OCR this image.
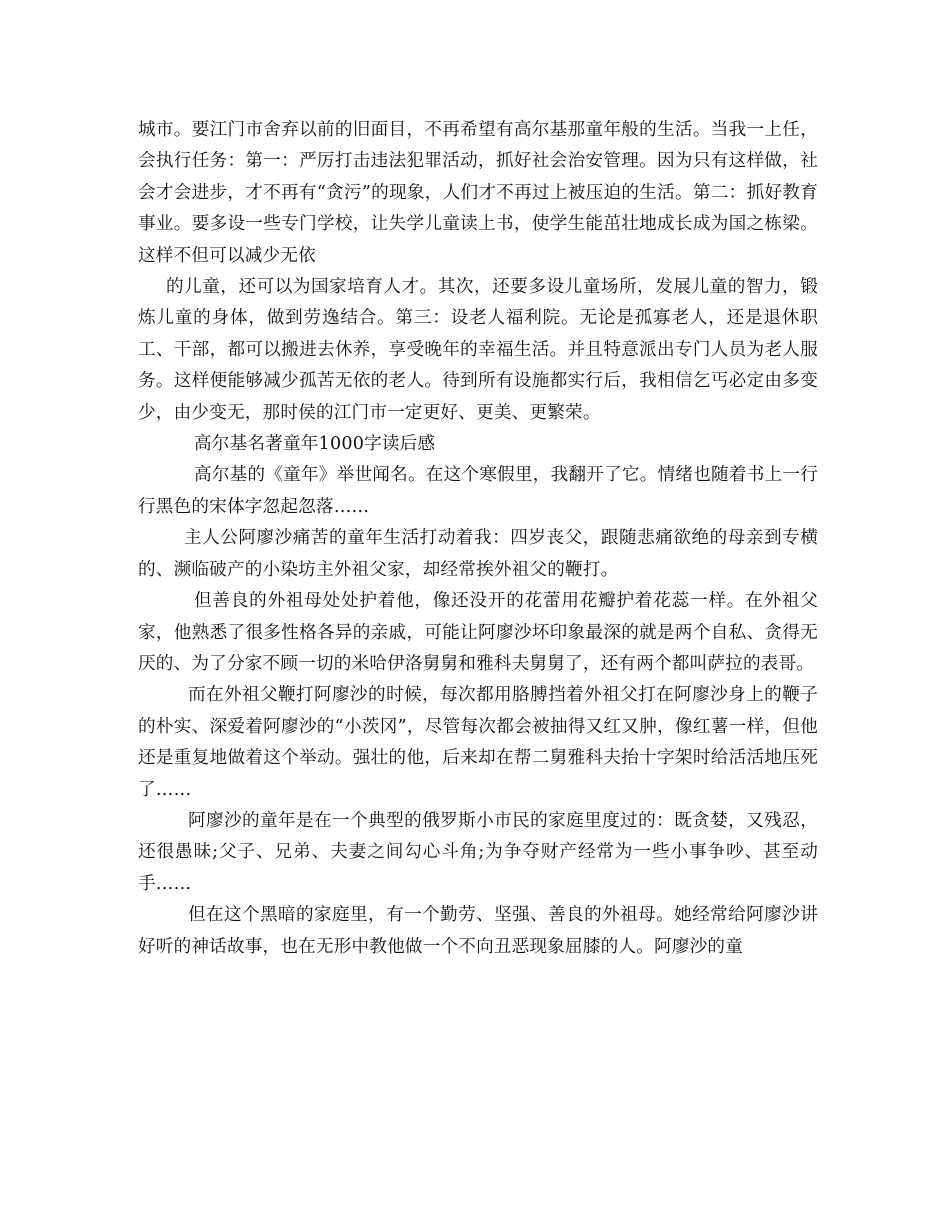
城市。要江门市舍弃以前的旧面目，不再希望有高尔基那童年般的生活。当我一上任，会执行任务：第一：严厉打击违法犯罪活动，抓好社会治安管理。因为只有这样做，社会才会进步，才不再有“贪污”的现象，人们才不再过上被压迫的生活。第二：抓好教育事业。要多设一些专门学校，让失学儿童读上书，使学生能茁壮地成长成为国之栋梁。这样不但可以减少无依

的儿童，还可以为国家培育人才。其次，还要多设儿童场所，发展儿童的智力，锻炼儿童的身体，做到劳逸结合。第三：设老人福利院。无论是孤寡老人，还是退休职工、干部，都可以搬进去休养，享受晚年的幸福生活。并且特意派出专门人员为老人服务。这样便能够减少孤苦无依的老人。待到所有设施都实行后，我相信乞丐必定由多变少，由少变无，那时侯的江门市一定更好、更美、更繁荣。

高尔基名著童年1000字读后感

高尔基的《童年》举世闻名。在这个寒假里，我翻开了它。情绪也随着书上一行行黑色的宋体字忽起忽落……

主人公阿廖沙痛苦的童年生活打动着我：四岁丧父，跟随悲痛欲绝的母亲到专横的、濒临破产的小染坊主外祖父家，却经常挨外祖父的鞭打。

但善良的外祖母处处护着他，像还没开的花蕾用花瓣护着花蕊一样。在外祖父家，他熟悉了很多性格各异的亲戚，可能让阿廖沙坏印象最深的就是两个自私、贪得无厌的、为了分家不顾一切的米哈伊洛舅舅和雅科夫舅舅了，还有两个都叫萨拉的表哥。

而在外祖父鞭打阿廖沙的时候，每次都用胳膊挡着外祖父打在阿廖沙身上的鞭子的朴实、深爱着阿廖沙的“小茨冈”，尽管每次都会被抽得又红又肿，像红薯一样，但他还是重复地做着这个举动。强壮的他，后来却在帮二舅雅科夫抬十字架时给活活地压死了……

阿廖沙的童年是在一个典型的俄罗斯小市民的家庭里度过的：既贪婪，又残忍，还很愚昧;父子、兄弟、夫妻之间勾心斗角;为争夺财产经常为一些小事争吵、甚至动手……

但在这个黑暗的家庭里，有一个勤劳、坚强、善良的外祖母。她经常给阿廖沙讲好听的神话故事，也在无形中教他做一个不向丑恶现象屈膝的人。阿廖沙的童
